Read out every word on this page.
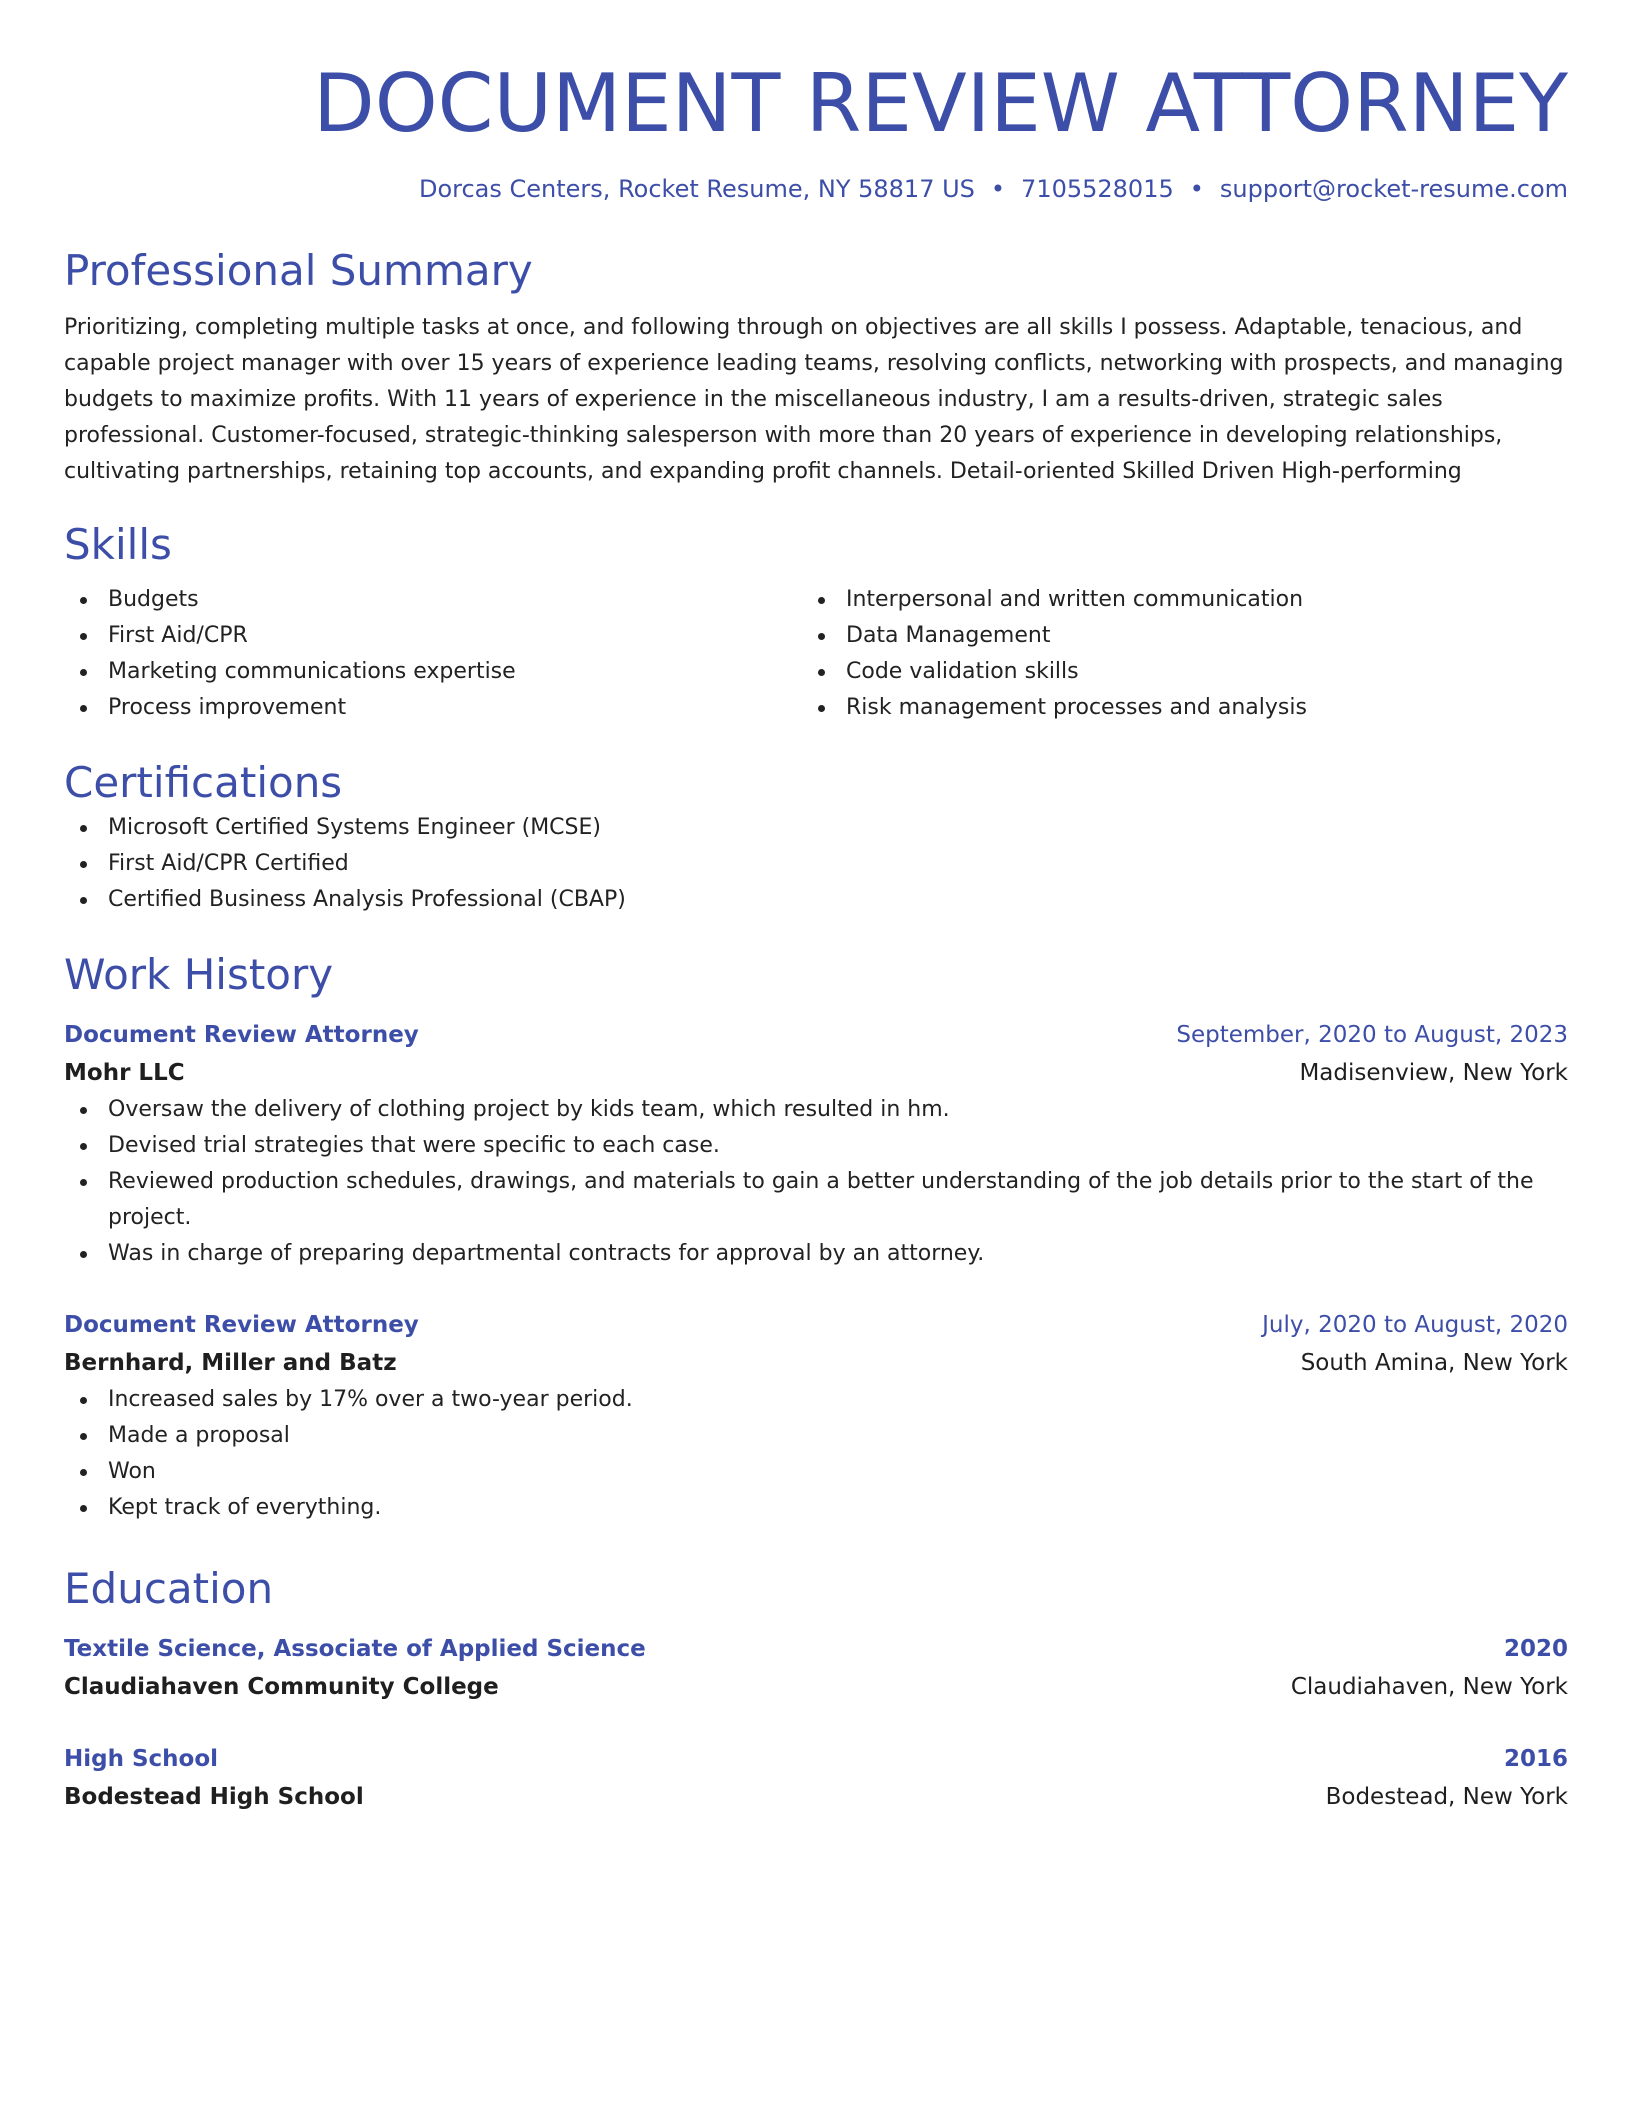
DOCUMENT REVIEW ATTORNEY
Dorcas Centers, Rocket Resume, NY 58817 US • 7105528015 • support@rocket-resume.com
Professional Summary
Prioritizing, completing multiple tasks at once, and following through on objectives are all skills I possess. Adaptable, tenacious, and capable project manager with over 15 years of experience leading teams, resolving conflicts, networking with prospects, and managing budgets to maximize profits. With 11 years of experience in the miscellaneous industry, I am a results-driven, strategic sales professional. Customer-focused, strategic-thinking salesperson with more than 20 years of experience in developing relationships, cultivating partnerships, retaining top accounts, and expanding profit channels. Detail-oriented Skilled Driven High-performing
Skills
Budgets
First Aid/CPR
Marketing communications expertise
Process improvement
Interpersonal and written communication
Data Management
Code validation skills
Risk management processes and analysis
Certifications
Microsoft Certified Systems Engineer (MCSE)
First Aid/CPR Certified
Certified Business Analysis Professional (CBAP)
Work History
Document Review Attorney	September, 2020 to August, 2023
Mohr LLC	Madisenview, New York
Oversaw the delivery of clothing project by kids team, which resulted in hm.
Devised trial strategies that were specific to each case.
Reviewed production schedules, drawings, and materials to gain a better understanding of the job details prior to the start of the project.
Was in charge of preparing departmental contracts for approval by an attorney.
Document Review Attorney	July, 2020 to August, 2020
Bernhard, Miller and Batz	South Amina, New York
Increased sales by 17% over a two-year period.
Made a proposal
Won
Kept track of everything.
Education
Textile Science, Associate of Applied Science	2020
Claudiahaven Community College	Claudiahaven, New York
High School	2016
Bodestead High School	Bodestead, New York
